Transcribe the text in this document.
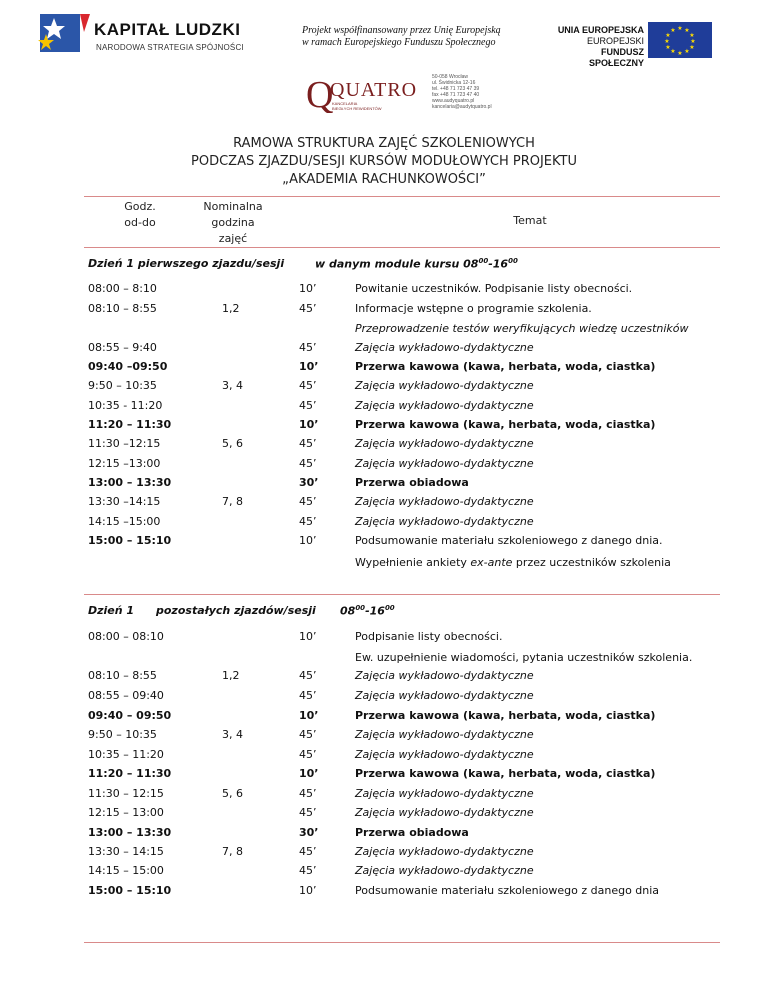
KAPITAŁ LUDZKI
NARODOWA STRATEGIA SPÓJNOŚCI
Projekt współfinansowany przez Unię Europejską
w ramach Europejskiego Funduszu Społecznego
UNIA EUROPEJSKA
EUROPEJSKI
FUNDUSZ SPOŁECZNY
★ ★
★
★
★
★
★
★
★
★
★
★
Q
QUATRO
KANCELARIA
BIEGŁYCH REWIDENTÓW
50-058 Wrocław
ul. Świdnicka 12-16
tel. +48 71 723 47 39
fax +48 71 723 47 40
www.audyquatro.pl
kancelaria@audytquatro.pl
RAMOWA STRUKTURA ZAJĘĆ SZKOLENIOWYCH
PODCZAS ZJAZDU/SESJI KURSÓW MODUŁOWYCH PROJEKTU
„AKADEMIA RACHUNKOWOŚCI”
Godz.
od-do
Nominalna
godzina
zajęć
Temat
Dzień 1 pierwszego zjazdu/sesji	w danym module kursu $08^{00}-16^{00}$
08:00 – 8:10	10’	Powitanie uczestników. Podpisanie listy obecności.
08:10 – 8:55	1,2	45’	Informacje wstępne o programie szkolenia.
Przeprowadzenie testów weryfikujących wiedzę uczestników
08:55 – 9:40	45’	Zajęcia wykładowo-dydaktyczne
09:40 –09:50	10’	Przerwa kawowa (kawa, herbata, woda, ciastka)
9:50 – 10:35	3, 4	45’	Zajęcia wykładowo-dydaktyczne
10:35 - 11:20	45’	Zajęcia wykładowo-dydaktyczne
11:20 – 11:30	10’	Przerwa kawowa (kawa, herbata, woda, ciastka)
11:30 –12:15	5, 6	45’	Zajęcia wykładowo-dydaktyczne
12:15 –13:00	45’	Zajęcia wykładowo-dydaktyczne
13:00 – 13:30	30’	Przerwa obiadowa
13:30 –14:15	7, 8	45’	Zajęcia wykładowo-dydaktyczne
14:15 –15:00	45’	Zajęcia wykładowo-dydaktyczne
15:00 – 15:10	10’	Podsumowanie materiału szkoleniowego z danego dnia.
Wypełnienie ankiety ex-ante przez uczestników szkolenia
Dzień 1 pozostałych zjazdów/sesji $08^{00}-16^{00}$
08:00 – 08:10	10’	Podpisanie listy obecności.
Ew. uzupełnienie wiadomości, pytania uczestników szkolenia.
08:10 – 8:55	1,2	45’	Zajęcia wykładowo-dydaktyczne
08:55 – 09:40	45’	Zajęcia wykładowo-dydaktyczne
09:40 – 09:50	10’	Przerwa kawowa (kawa, herbata, woda, ciastka)
9:50 – 10:35	3, 4	45’	Zajęcia wykładowo-dydaktyczne
10:35 – 11:20	45’	Zajęcia wykładowo-dydaktyczne
11:20 – 11:30	10’	Przerwa kawowa (kawa, herbata, woda, ciastka)
11:30 – 12:15	5, 6	45’	Zajęcia wykładowo-dydaktyczne
12:15 – 13:00	45’	Zajęcia wykładowo-dydaktyczne
13:00 – 13:30	30’	Przerwa obiadowa
13:30 – 14:15	7, 8	45’	Zajęcia wykładowo-dydaktyczne
14:15 – 15:00	45’	Zajęcia wykładowo-dydaktyczne
15:00 – 15:10	10’	Podsumowanie materiału szkoleniowego z danego dnia
